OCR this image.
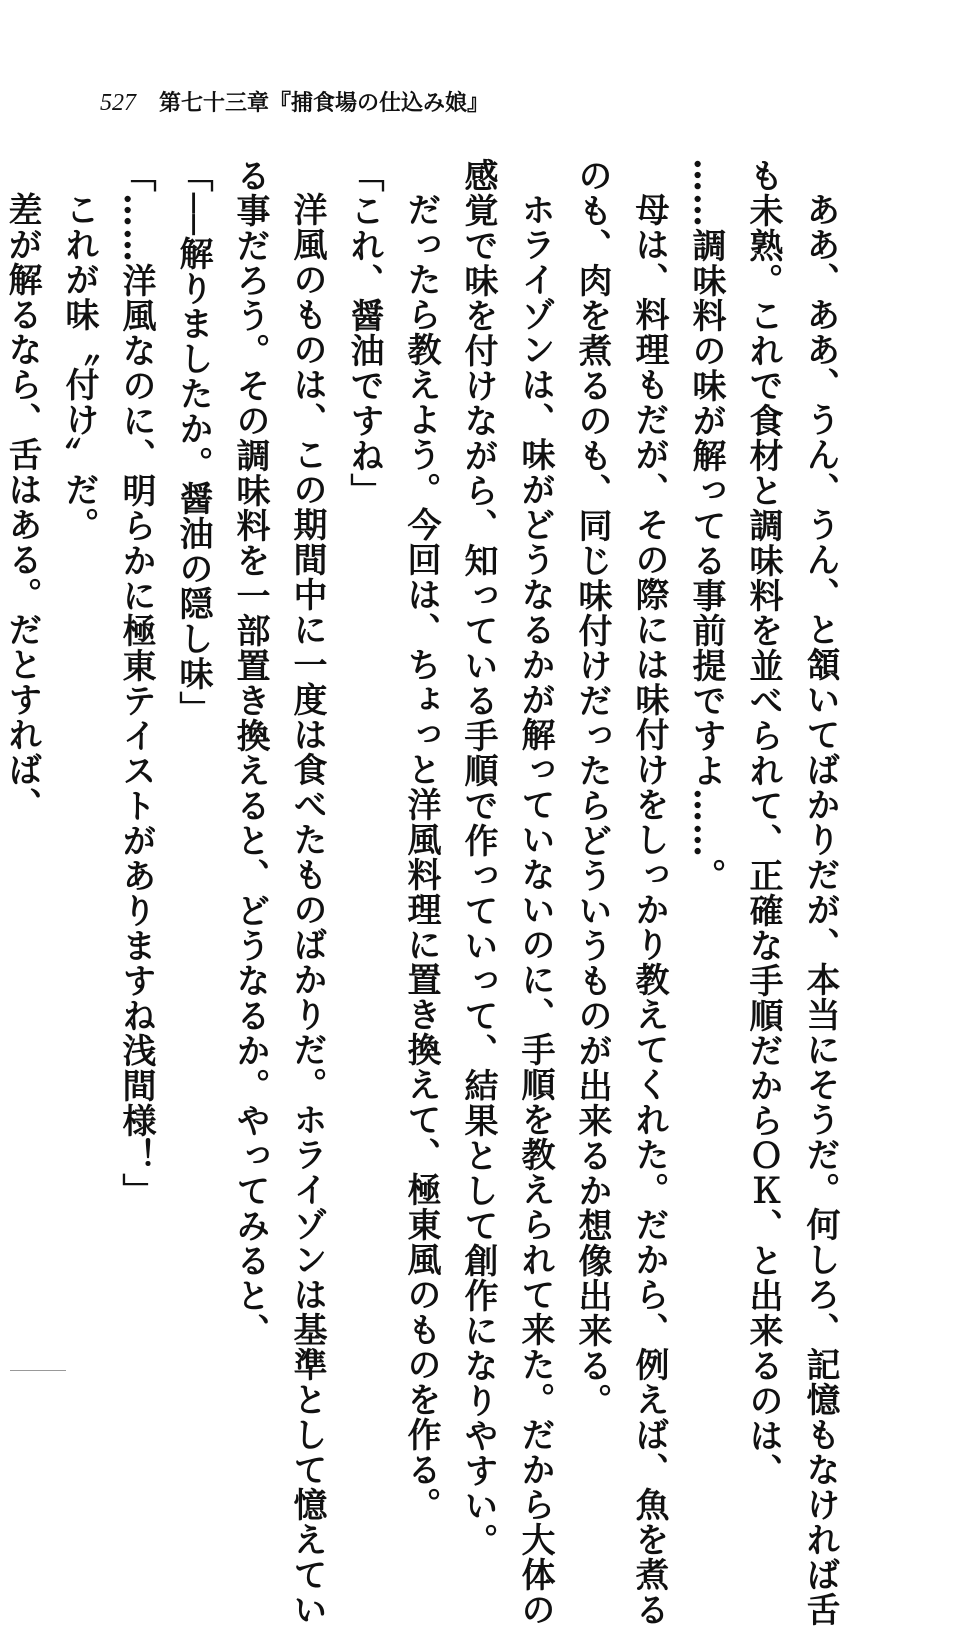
527 第七十三章『捕食場の仕込み娘』
ああ、ああ、うん、うん、と頷いてばかりだが、本当にそうだ。何しろ、記憶もなければ舌
も未熟。これで食材と調味料を並べられて、正確な手順だからＯＫ、と出来るのは、
……調味料の味が解ってる事前提ですよ……。
母は、料理もだが、その際には味付けをしっかり教えてくれた。だから、例えば、魚を煮る
のも、肉を煮るのも、同じ味付けだったらどういうものが出来るか想像出来る。
ホライゾンは、味がどうなるかが解っていないのに、手順を教えられて来た。だから大体の
感覚で味を付けながら、知っている手順で作っていって、結果として創作になりやすい。
だったら教えよう。今回は、ちょっと洋風料理に置き換えて、極東風のものを作る。
「これ、醤油ですね」
洋風のものは、この期間中に一度は食べたものばかりだ。ホライゾンは基準として憶えてい
る事だろう。その調味料を一部置き換えると、どうなるか。やってみると、
「──解りましたか。醤油の隠し味」
「……洋風なのに、明らかに極東テイストがありますね浅間様！」
これが味〝付け〟だ。
差が解るなら、舌はある。だとすれば、
